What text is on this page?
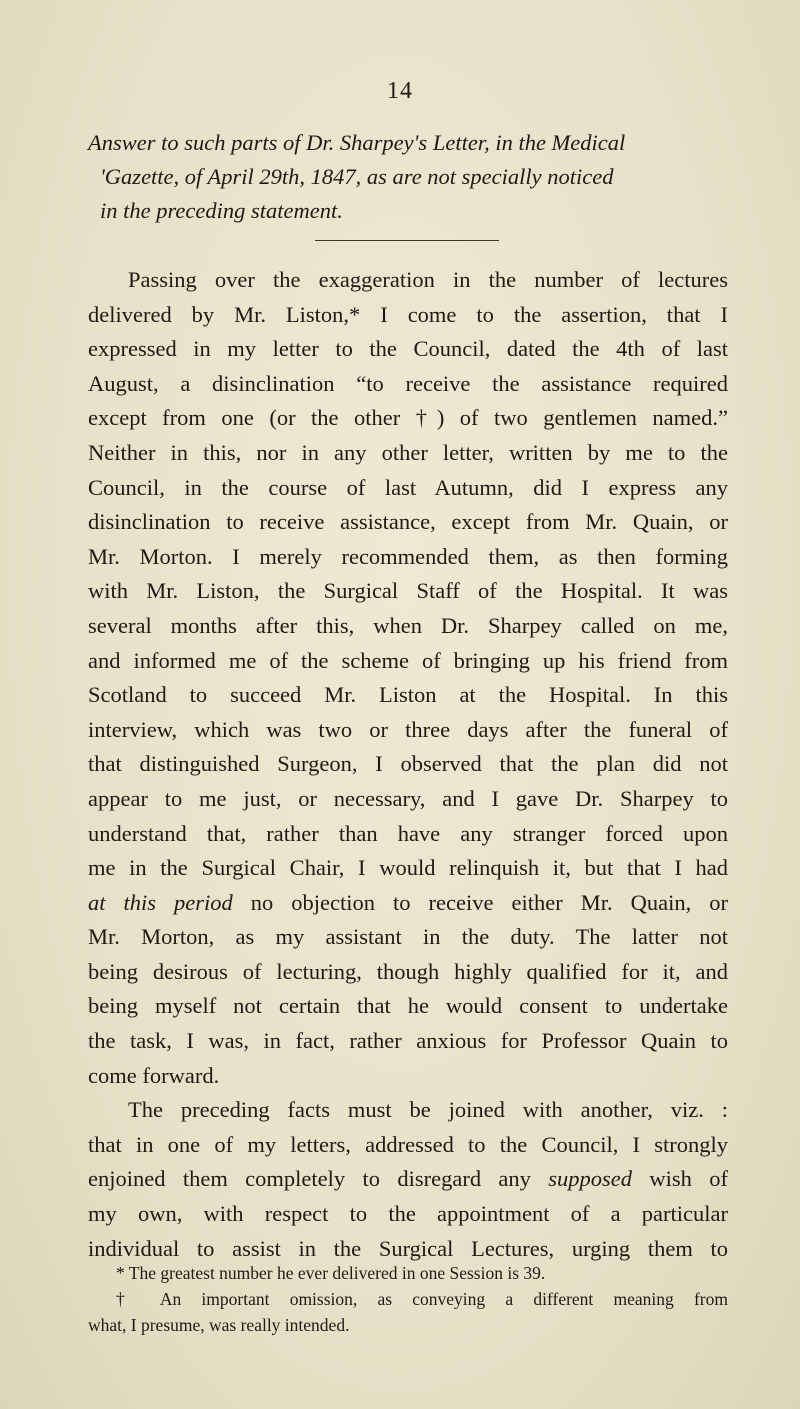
14
Answer to such parts of Dr. Sharpey's Letter, in the Medical
'Gazette, of April 29th, 1847, as are not specially noticed
in the preceding statement.
Passing over the exaggeration in the number of lectures
delivered by Mr. Liston,* I come to the assertion, that I
expressed in my letter to the Council, dated the 4th of last
August, a disinclination “to receive the assistance required
except from one (or the other †) of two gentlemen named.”
Neither in this, nor in any other letter, written by me to the
Council, in the course of last Autumn, did I express any
disinclination to receive assistance, except from Mr. Quain, or
Mr. Morton. I merely recommended them, as then forming
with Mr. Liston, the Surgical Staff of the Hospital. It was
several months after this, when Dr. Sharpey called on me,
and informed me of the scheme of bringing up his friend from
Scotland to succeed Mr. Liston at the Hospital. In this
interview, which was two or three days after the funeral of
that distinguished Surgeon, I observed that the plan did not
appear to me just, or necessary, and I gave Dr. Sharpey to
understand that, rather than have any stranger forced upon
me in the Surgical Chair, I would relinquish it, but that I had
at this period no objection to receive either Mr. Quain, or
Mr. Morton, as my assistant in the duty. The latter not
being desirous of lecturing, though highly qualified for it, and
being myself not certain that he would consent to undertake
the task, I was, in fact, rather anxious for Professor Quain to
come forward.
The preceding facts must be joined with another, viz. :
that in one of my letters, addressed to the Council, I strongly
enjoined them completely to disregard any supposed wish of
my own, with respect to the appointment of a particular
individual to assist in the Surgical Lectures, urging them to
* The greatest number he ever delivered in one Session is 39.
† An important omission, as conveying a different meaning from
what, I presume, was really intended.
